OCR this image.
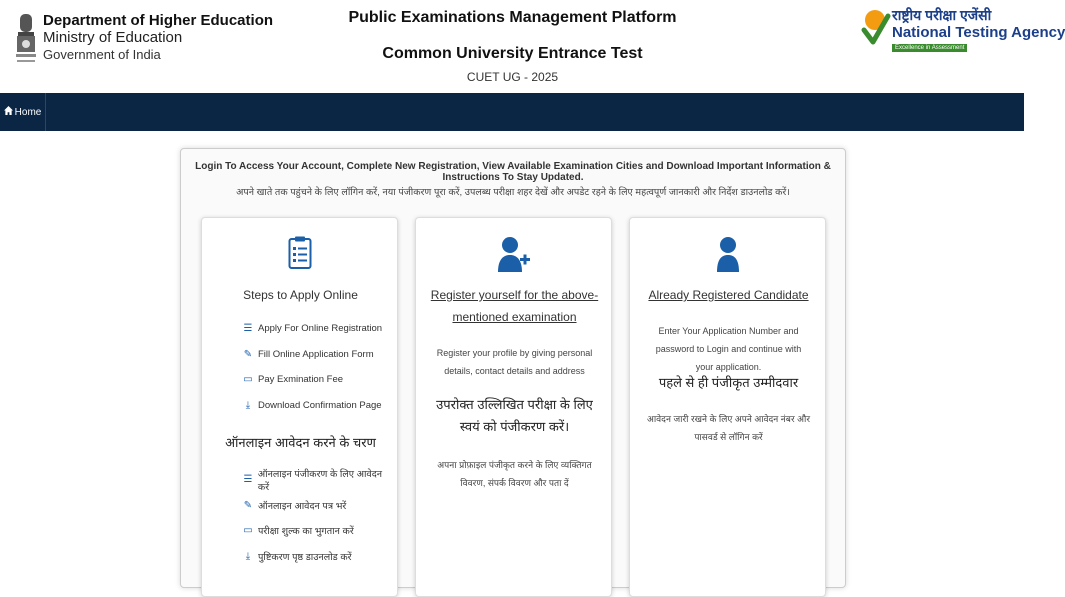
Department of Higher Education
Ministry of Education
Government of India
Public Examinations Management Platform
Common University Entrance Test
CUET UG - 2025
राष्ट्रीय परीक्षा एजेंसी
National Testing Agency
Excellence in Assessment
Home
Login To Access Your Account, Complete New Registration, View Available Examination Cities and Download Important Information & Instructions To Stay Updated.
अपने खाते तक पहुंचने के लिए लॉगिन करें, नया पंजीकरण पूरा करें, उपलब्ध परीक्षा शहर देखें और अपडेट रहने के लिए महत्वपूर्ण जानकारी और निर्देश डाउनलोड करें।
Steps to Apply Online
☰ Apply For Online Registration
✎ Fill Online Application Form
▭ Pay Exmination Fee
⤓ Download Confirmation Page
ऑनलाइन आवेदन करने के चरण
☰ ऑनलाइन पंजीकरण के लिए आवेदन करें
✎ ऑनलाइन आवेदन पत्र भरें
▭ परीक्षा शुल्क का भुगतान करें
⤓ पुष्टिकरण पृष्ठ डाउनलोड करें
Register yourself for the above-mentioned examination
Register your profile by giving personal details, contact details and address
उपरोक्त उल्लिखित परीक्षा के लिए स्वयं को पंजीकरण करें।
अपना प्रोफ़ाइल पंजीकृत करने के लिए व्यक्तिगत विवरण, संपर्क विवरण और पता दें
Already Registered Candidate
Enter Your Application Number and password to Login and continue with your application.
पहले से ही पंजीकृत उम्मीदवार
आवेदन जारी रखने के लिए अपने आवेदन नंबर और पासवर्ड से लॉगिन करें
